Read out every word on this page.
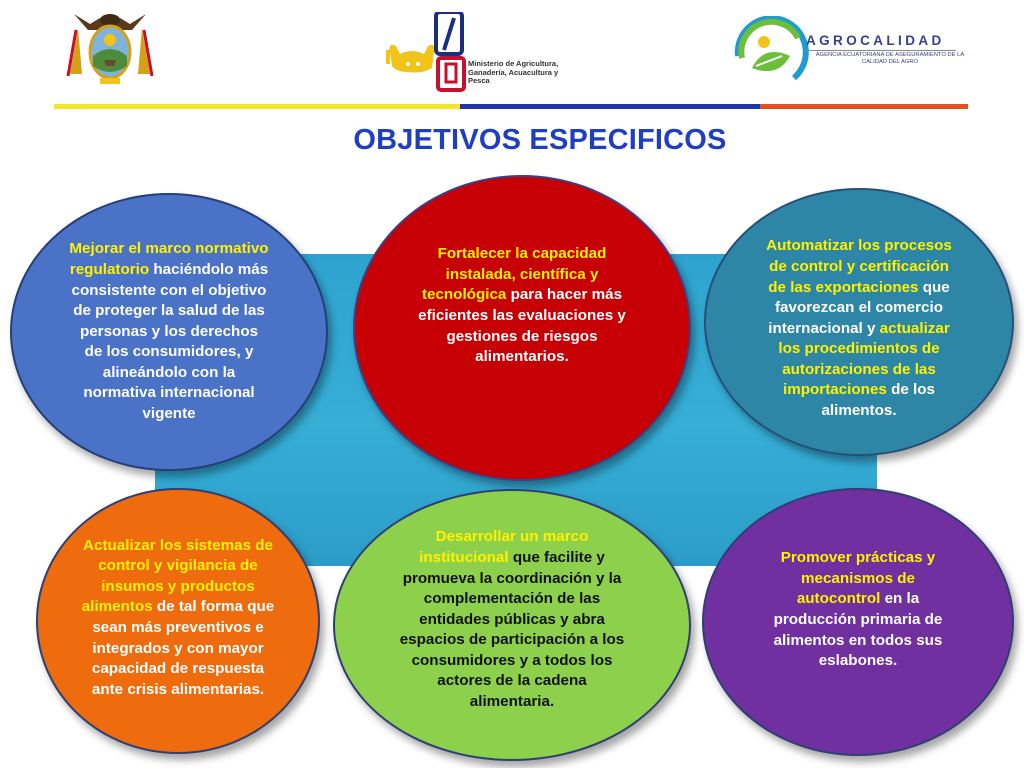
Ministerio de Agricultura, Ganadería, Acuacultura y Pesca
AGROCALIDAD
AGENCIA ECUATORIANA DE ASEGURAMIENTO DE LA CALIDAD DEL AGRO
OBJETIVOS ESPECIFICOS
Mejorar el marco normativo regulatorio haciéndolo más consistente con el objetivo de proteger la salud de las personas y los derechos de los consumidores, y alineándolo con la normativa internacional vigente
Fortalecer la capacidad instalada, científica y tecnológica para hacer más eficientes las evaluaciones y gestiones de riesgos alimentarios.
Automatizar los procesos de control y certificación de las exportaciones que favorezcan el comercio internacional y actualizar los procedimientos de autorizaciones de las importaciones de los alimentos.
Actualizar los sistemas de control y vigilancia de insumos y productos alimentos de tal forma que sean más preventivos e integrados y con mayor capacidad de respuesta ante crisis alimentarias.
Desarrollar un marco institucional que facilite y promueva la coordinación y la complementación de las entidades públicas y abra espacios de participación a los consumidores y a todos los actores de la cadena alimentaria.
Promover prácticas y mecanismos de autocontrol en la producción primaria de alimentos en todos sus eslabones.
